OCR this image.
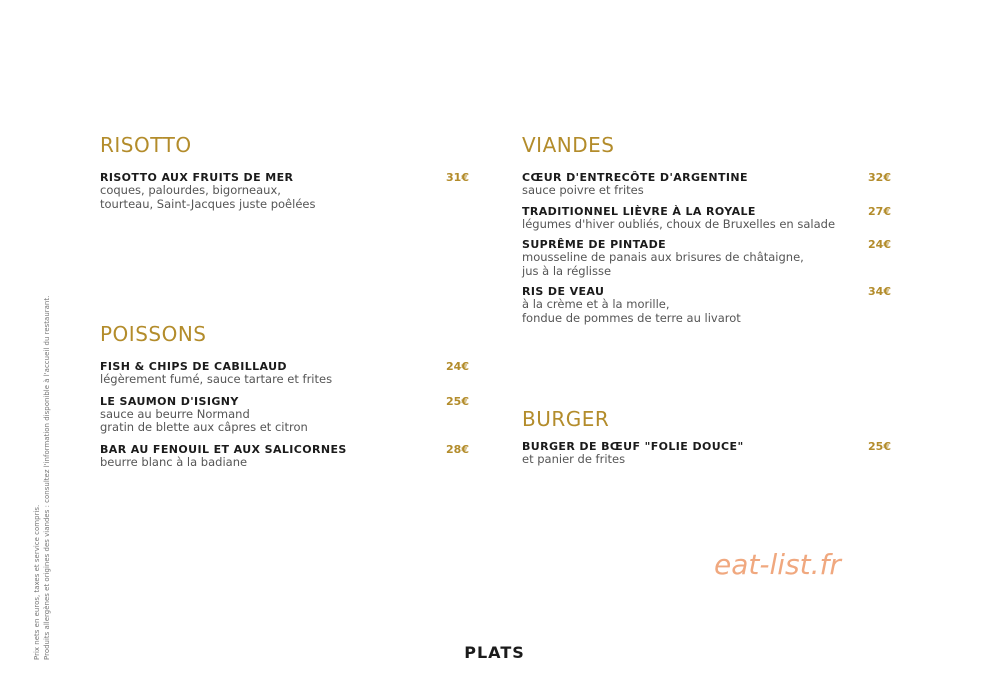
RISOTTO
RISOTTO AUX FRUITS DE MER	31€
coques, palourdes, bigorneaux,
tourteau, Saint-Jacques juste poêlées
POISSONS
FISH & CHIPS DE CABILLAUD	24€
légèrement fumé, sauce tartare et frites
LE SAUMON D'ISIGNY	25€
sauce au beurre Normand
gratin de blette aux câpres et citron
BAR AU FENOUIL ET AUX SALICORNES	28€
beurre blanc à la badiane
VIANDES
CŒUR D'ENTRECÔTE D'ARGENTINE	32€
sauce poivre et frites
TRADITIONNEL LIÈVRE À LA ROYALE	27€
légumes d'hiver oubliés, choux de Bruxelles en salade
SUPRÊME DE PINTADE	24€
mousseline de panais aux brisures de châtaigne,
jus à la réglisse
RIS DE VEAU	34€
à la crème et à la morille,
fondue de pommes de terre au livarot
BURGER
BURGER DE BŒUF "FOLIE DOUCE"	25€
et panier de frites
Prix nets en euros, taxes et service compris. Produits allergènes et origines des viandes : consultez l'information disponible à l'accueil du restaurant.	eat-list.fr
PLATS
